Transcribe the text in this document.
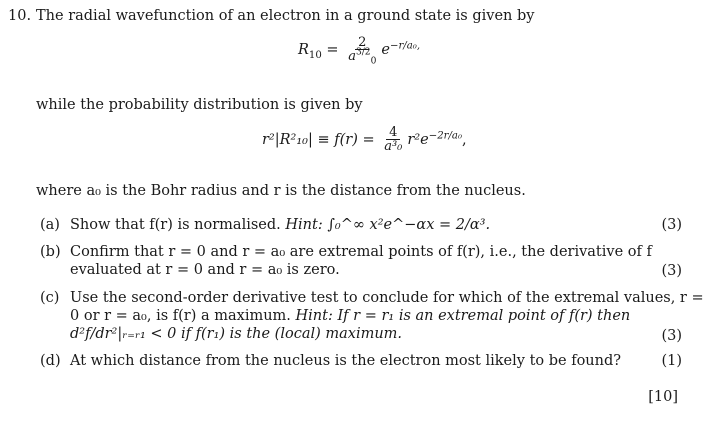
10. The radial wavefunction of an electron in a ground state is given by
$R_{10} = \frac{2}{a^{3/2}_0} e^{-r/a_0,}$
while the probability distribution is given by
$r^2|R^2_{10}| \equiv f(r) = \frac{4}{\text{a³₀}} r^2e^{-2r/a_0}$,
where a₀ is the Bohr radius and r is the distance from the nucleus.
(a) Show that f(r) is normalised. Hint: ∫₀^∞ x²e^−αx = 2/α³.	(3)
(b) Confirm that r = 0 and r = a₀ are extremal points of f(r), i.e., the derivative of f
evaluated at r = 0 and r = a₀ is zero.	(3)
(c) Use the second-order derivative test to conclude for which of the extremal values, r =
0 or r = a₀, is f(r) a maximum. Hint: If r = r₁ is an extremal point of f(r) then
d²f/dr²|ᵣ₌ᵣ₁ < 0 if f(r₁) is the (local) maximum.	(3)
(d) At which distance from the nucleus is the electron most likely to be found?	(1)
[10]
